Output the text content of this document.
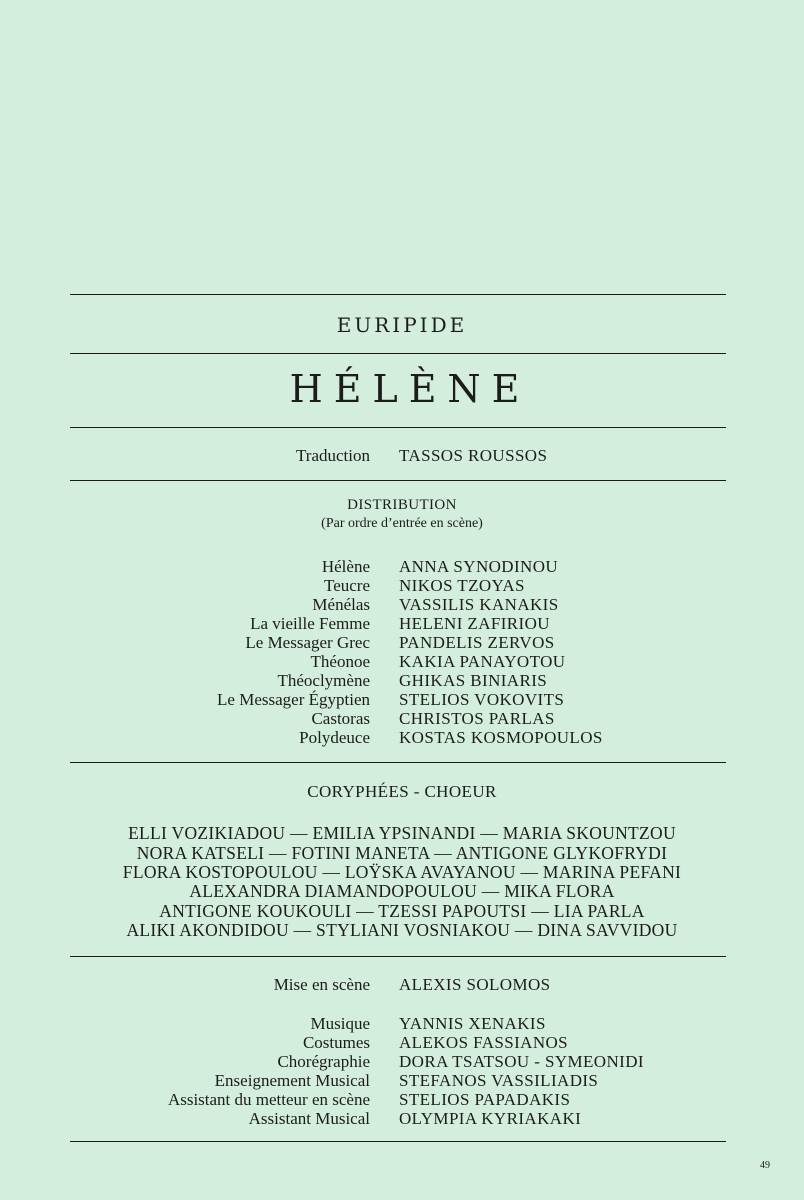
EURIPIDE
HÉLÈNE
Traduction TASSOS ROUSSOS
DISTRIBUTION
(Par ordre d’entrée en scène)
Hélène ANNA SYNODINOU
Teucre NIKOS TZOYAS
Ménélas VASSILIS KANAKIS
La vieille Femme HELENI ZAFIRIOU
Le Messager Grec PANDELIS ZERVOS
Théonoe KAKIA PANAYOTOU
Théoclymène GHIKAS BINIARIS
Le Messager Égyptien STELIOS VOKOVITS
Castoras CHRISTOS PARLAS
Polydeuce KOSTAS KOSMOPOULOS
CORYPHÉES - CHOEUR
ELLI VOZIKIADOU — EMILIA YPSINANDI — MARIA SKOUNTZOU
NORA KATSELI — FOTINI MANETA — ANTIGONE GLYKOFRYDI
FLORA KOSTOPOULOU — LOŸSKA AVAYANOU — MARINA PEFANI
ALEXANDRA DIAMANDOPOULOU — MIKA FLORA
ANTIGONE KOUKOULI — TZESSI PAPOUTSI — LIA PARLA
ALIKI AKONDIDOU — STYLIANI VOSNIAKOU — DINA SAVVIDOU
Mise en scène ALEXIS SOLOMOS
Musique YANNIS XENAKIS
Costumes ALEKOS FASSIANOS
Chorégraphie DORA TSATSOU - SYMEONIDI
Enseignement Musical STEFANOS VASSILIADIS
Assistant du metteur en scène STELIOS PAPADAKIS
Assistant Musical OLYMPIA KYRIAKAKI
49
